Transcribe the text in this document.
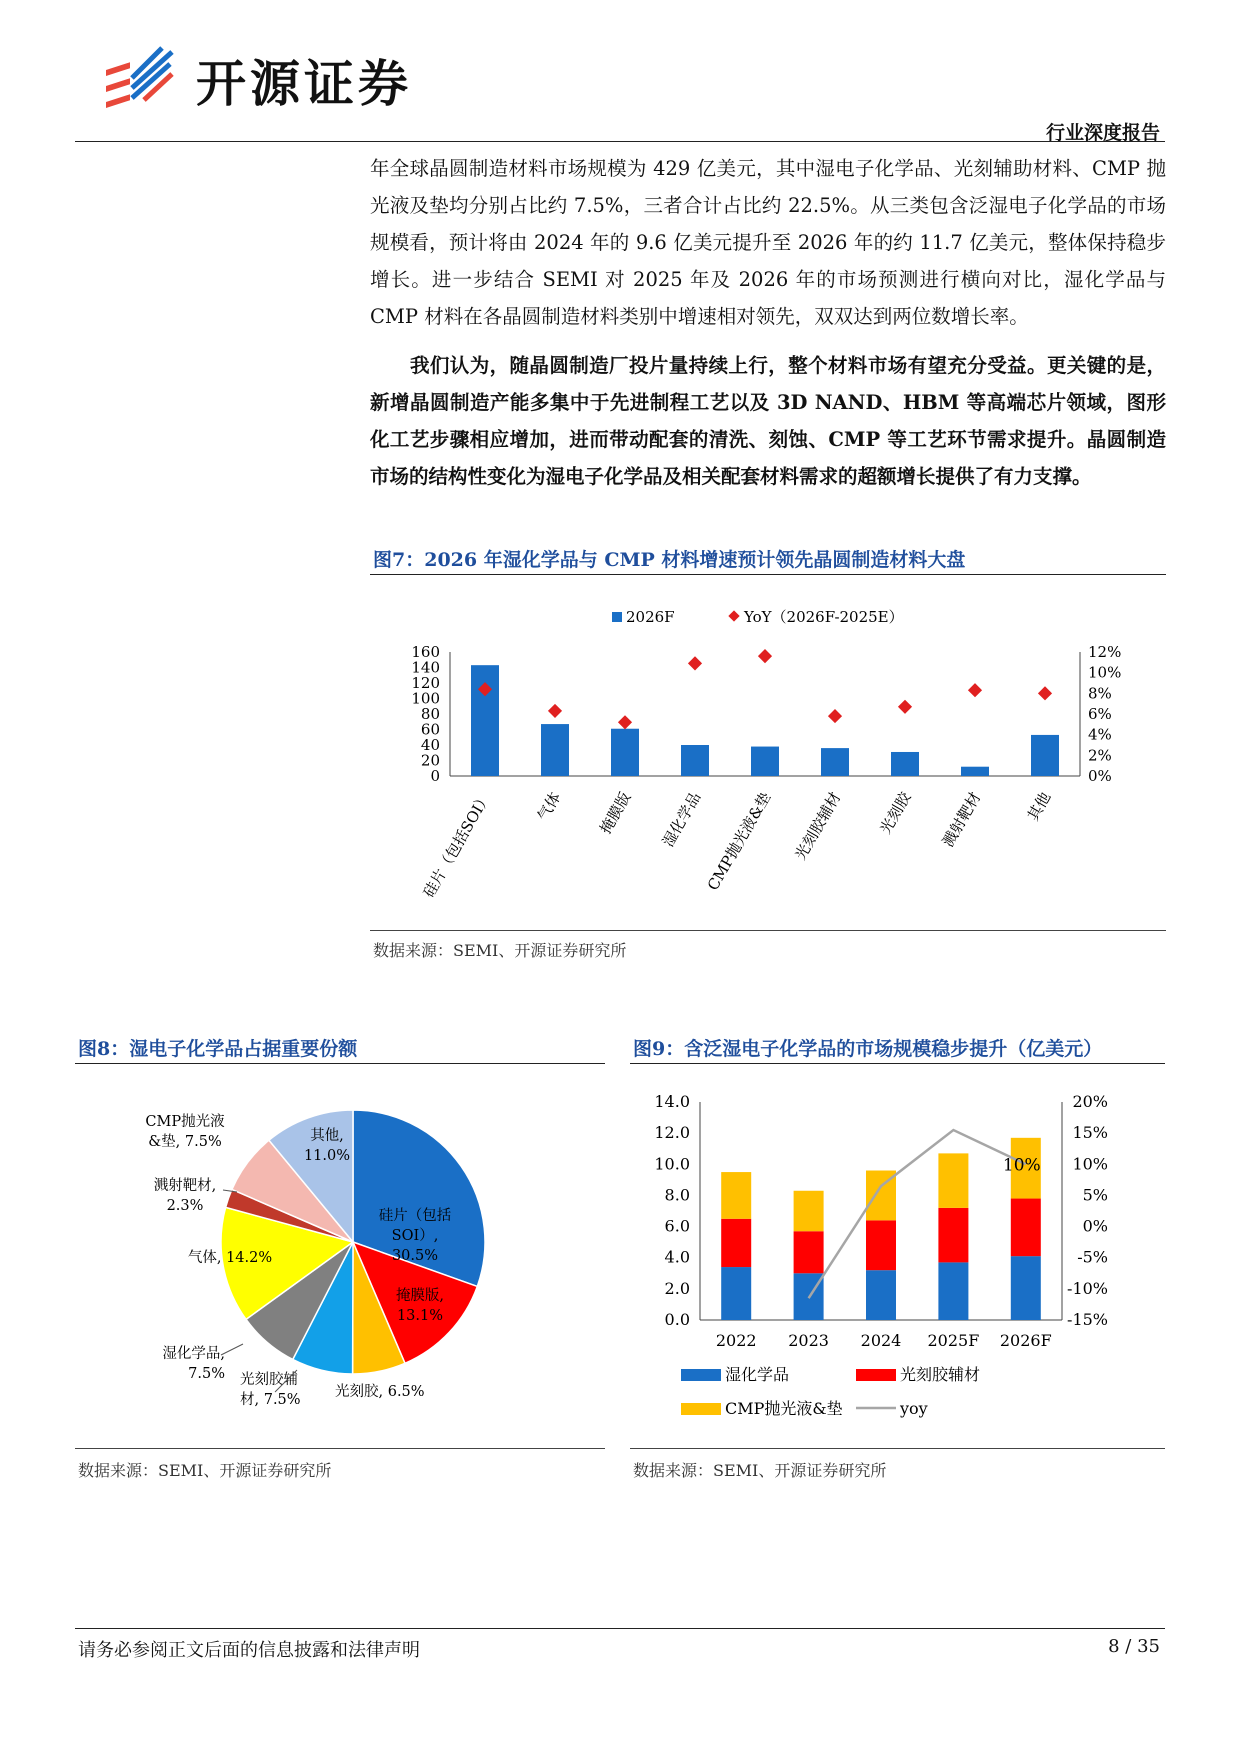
开源证券
行业深度报告

年全球晶圆制造材料市场规模为 429 亿美元，其中湿电子化学品、光刻辅助材料、CMP 抛光液及垫均分别占比约 7.5%，三者合计占比约 22.5%。从三类包含泛湿电子化学品的市场规模看，预计将由 2024 年的 9.6 亿美元提升至 2026 年的约 11.7 亿美元，整体保持稳步增长。进一步结合 SEMI 对 2025 年及 2026 年的市场预测进行横向对比，湿化学品与 CMP 材料在各晶圆制造材料类别中增速相对领先，双双达到两位数增长率。

我们认为，随晶圆制造厂投片量持续上行，整个材料市场有望充分受益。更关键的是，新增晶圆制造产能多集中于先进制程工艺以及 3D NAND、HBM 等高端芯片领域，图形化工艺步骤相应增加，进而带动配套的清洗、刻蚀、CMP 等工艺环节需求提升。晶圆制造市场的结构性变化为湿电子化学品及相关配套材料需求的超额增长提供了有力支撑。

图7：2026 年湿化学品与 CMP 材料增速预计领先晶圆制造材料大盘
2026F	YoY（2026F-2025E）
0
20
40
60
80
100
120
140
160
0%
2%
4%
6%
8%
10%
12%
硅片（包括SOI）	气体 掩膜版 湿化学品 CMP抛光液&垫 光刻胶辅材 光刻胶 溅射靶材	其他
数据来源：SEMI、开源证券研究所
图8：湿电子化学品占据重要份额
硅片（包括
SOI）,
30.5%
掩膜版,
13.1%
光刻胶, 6.5%
光刻胶辅
材, 7.5%
湿化学品,
7.5%
气体, 14.2%
溅射靶材,
2.3%
CMP抛光液
&垫, 7.5%	其他,
11.0%
数据来源：SEMI、开源证券研究所
图9：含泛湿电子化学品的市场规模稳步提升（亿美元）
0.0
2.0
4.0
6.0
8.0
10.0
12.0
14.0
-15%
-10%
-5%
0%
5%
10%
15%
20%
2022 2023 2024 2025F 2026F
10%
湿化学品	光刻胶辅材
CMP抛光液&垫	yoy
数据来源：SEMI、开源证券研究所
请务必参阅正文后面的信息披露和法律声明	8 / 35
